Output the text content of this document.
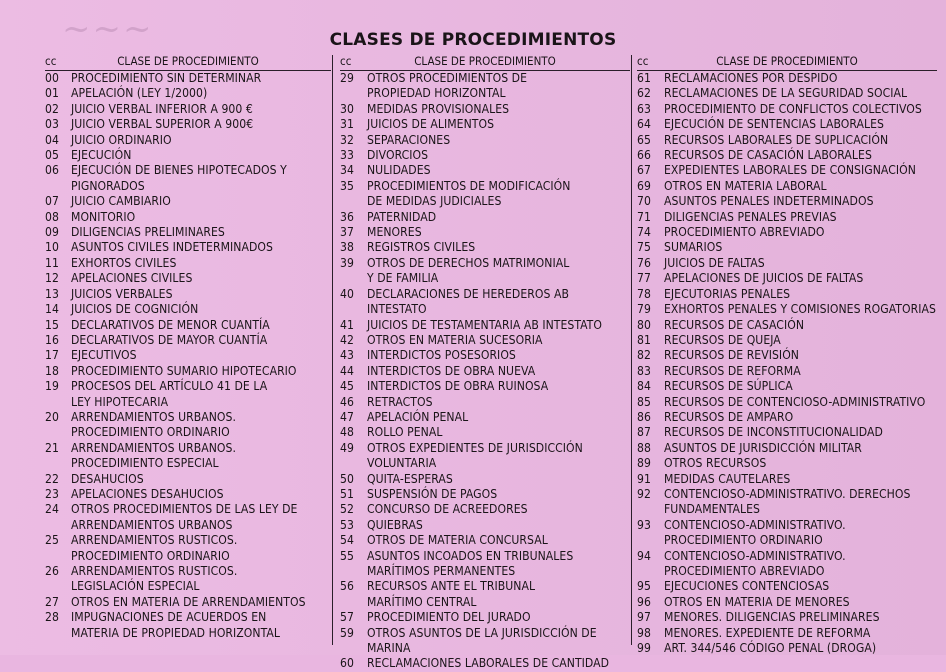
~~~	CLASES DE PROCEDIMIENTOS
cc	CLASE DE PROCEDIMIENTO
00 PROCEDIMIENTO SIN DETERMINAR
01 APELACIÓN (LEY 1/2000)
02 JUICIO VERBAL INFERIOR A 900 €
03 JUICIO VERBAL SUPERIOR A 900€
04 JUICIO ORDINARIO
05 EJECUCIÓN
06 EJECUCIÓN DE BIENES HIPOTECADOS Y
PIGNORADOS
07 JUICIO CAMBIARIO
08 MONITORIO
09 DILIGENCIAS PRELIMINARES
10 ASUNTOS CIVILES INDETERMINADOS
11 EXHORTOS CIVILES
12 APELACIONES CIVILES
13 JUICIOS VERBALES
14 JUICIOS DE COGNICIÓN
15 DECLARATIVOS DE MENOR CUANTÍA
16 DECLARATIVOS DE MAYOR CUANTÍA
17 EJECUTIVOS
18 PROCEDIMIENTO SUMARIO HIPOTECARIO
19 PROCESOS DEL ARTÍCULO 41 DE LA
LEY HIPOTECARIA
20 ARRENDAMIENTOS URBANOS.
PROCEDIMIENTO ORDINARIO
21 ARRENDAMIENTOS URBANOS.
PROCEDIMIENTO ESPECIAL
22 DESAHUCIOS
23 APELACIONES DESAHUCIOS
24 OTROS PROCEDIMIENTOS DE LAS LEY DE
ARRENDAMIENTOS URBANOS
25 ARRENDAMIENTOS RUSTICOS.
PROCEDIMIENTO ORDINARIO
26 ARRENDAMIENTOS RUSTICOS.
LEGISLACIÓN ESPECIAL
27 OTROS EN MATERIA DE ARRENDAMIENTOS
28 IMPUGNACIONES DE ACUERDOS EN
MATERIA DE PROPIEDAD HORIZONTAL
cc	CLASE DE PROCEDIMIENTO
29	OTROS PROCEDIMIENTOS DE
PROPIEDAD HORIZONTAL
30	MEDIDAS PROVISIONALES
31	JUICIOS DE ALIMENTOS
32	SEPARACIONES
33	DIVORCIOS
34	NULIDADES
35	PROCEDIMIENTOS DE MODIFICACIÓN
DE MEDIDAS JUDICIALES
36	PATERNIDAD
37	MENORES
38	REGISTROS CIVILES
39	OTROS DE DERECHOS MATRIMONIAL
Y DE FAMILIA
40	DECLARACIONES DE HEREDEROS AB INTESTATO
41	JUICIOS DE TESTAMENTARIA AB INTESTATO
42	OTROS EN MATERIA SUCESORIA
43	INTERDICTOS POSESORIOS
44	INTERDICTOS DE OBRA NUEVA
45	INTERDICTOS DE OBRA RUINOSA
46	RETRACTOS
47	APELACIÓN PENAL
48	ROLLO PENAL
49	OTROS EXPEDIENTES DE JURISDICCIÓN
VOLUNTARIA
50	QUITA-ESPERAS
51	SUSPENSIÓN DE PAGOS
52	CONCURSO DE ACREEDORES
53	QUIEBRAS
54	OTROS DE MATERIA CONCURSAL
55	ASUNTOS INCOADOS EN TRIBUNALES
MARÍTIMOS PERMANENTES
56	RECURSOS ANTE EL TRIBUNAL
MARÍTIMO CENTRAL
57	PROCEDIMIENTO DEL JURADO
59	OTROS ASUNTOS DE LA JURISDICCIÓN DE MARINA
60	RECLAMACIONES LABORALES DE CANTIDAD
cc	CLASE DE PROCEDIMIENTO
61	RECLAMACIONES POR DESPIDO
62	RECLAMACIONES DE LA SEGURIDAD SOCIAL
63	PROCEDIMIENTO DE CONFLICTOS COLECTIVOS
64	EJECUCIÓN DE SENTENCIAS LABORALES
65	RECURSOS LABORALES DE SUPLICACIÓN
66	RECURSOS DE CASACIÓN LABORALES
67	EXPEDIENTES LABORALES DE CONSIGNACIÓN
69	OTROS EN MATERIA LABORAL
70	ASUNTOS PENALES INDETERMINADOS
71	DILIGENCIAS PENALES PREVIAS
74	PROCEDIMIENTO ABREVIADO
75	SUMARIOS
76	JUICIOS DE FALTAS
77	APELACIONES DE JUICIOS DE FALTAS
78	EJECUTORIAS PENALES
79	EXHORTOS PENALES Y COMISIONES ROGATORIAS
80	RECURSOS DE CASACIÓN
81	RECURSOS DE QUEJA
82	RECURSOS DE REVISIÓN
83	RECURSOS DE REFORMA
84	RECURSOS DE SÚPLICA
85	RECURSOS DE CONTENCIOSO-ADMINISTRATIVO
86	RECURSOS DE AMPARO
87	RECURSOS DE INCONSTITUCIONALIDAD
88	ASUNTOS DE JURISDICCIÓN MILITAR
89	OTROS RECURSOS
91	MEDIDAS CAUTELARES
92	CONTENCIOSO-ADMINISTRATIVO. DERECHOS
FUNDAMENTALES
93	CONTENCIOSO-ADMINISTRATIVO.
PROCEDIMIENTO ORDINARIO
94	CONTENCIOSO-ADMINISTRATIVO.
PROCEDIMIENTO ABREVIADO
95	EJECUCIONES CONTENCIOSAS
96	OTROS EN MATERIA DE MENORES
97	MENORES. DILIGENCIAS PRELIMINARES
98	MENORES. EXPEDIENTE DE REFORMA
99	ART. 344/546 CÓDIGO PENAL (DROGA)
